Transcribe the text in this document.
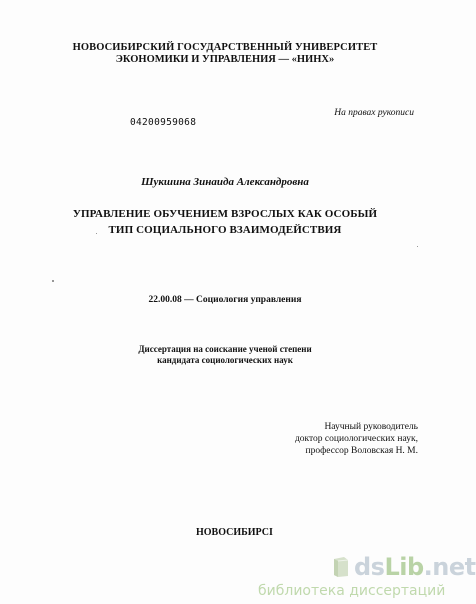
НОВОСИБИРСКИЙ ГОСУДАРСТВЕННЫЙ УНИВЕРСИТЕТ
ЭКОНОМИКИ И УПРАВЛЕНИЯ — «НИНХ»
На правах рукописи
04200959068
Шукшина Зинаида Александровна
УПРАВЛЕНИЕ ОБУЧЕНИЕМ ВЗРОСЛЫХ КАК ОСОБЫЙ
ТИП СОЦИАЛЬНОГО ВЗАИМОДЕЙСТВИЯ
22.00.08 — Социология управления
Диссертация на соискание ученой степени
кандидата социологических наук
Научный руководитель
доктор социологических наук,
профессор Воловская Н. М.
НОВОСИБИРСІ
dsLib.net
библиотека диссертаций
